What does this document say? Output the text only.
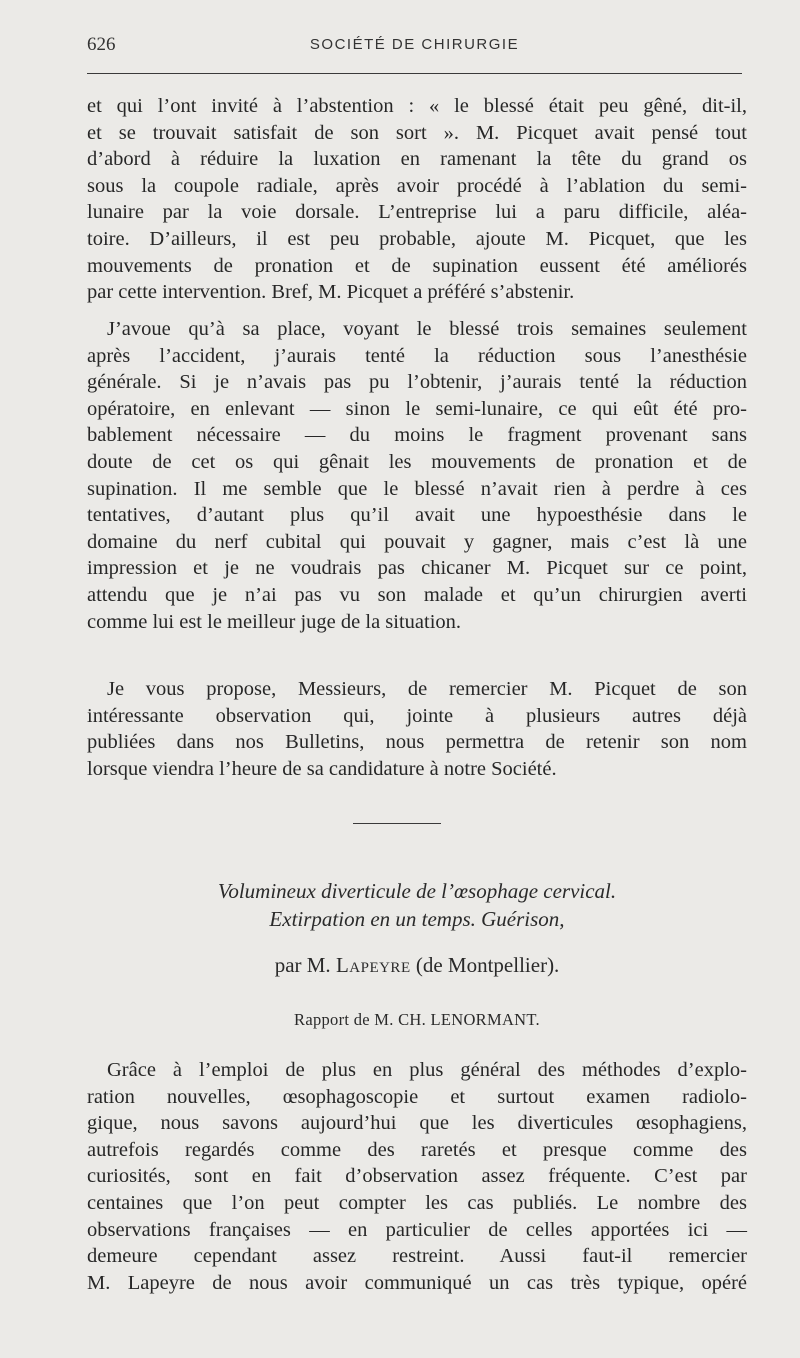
626	SOCIÉTÉ DE CHIRURGIE
et qui l’ont invité à l’abstention : « le blessé était peu gêné, dit-il,
et se trouvait satisfait de son sort ». M. Picquet avait pensé tout
d’abord à réduire la luxation en ramenant la tête du grand os
sous la coupole radiale, après avoir procédé à l’ablation du semi-
lunaire par la voie dorsale. L’entreprise lui a paru difficile, aléa-
toire. D’ailleurs, il est peu probable, ajoute M. Picquet, que les
mouvements de pronation et de supination eussent été améliorés
par cette intervention. Bref, M. Picquet a préféré s’abstenir.
J’avoue qu’à sa place, voyant le blessé trois semaines seulement
après l’accident, j’aurais tenté la réduction sous l’anesthésie
générale. Si je n’avais pas pu l’obtenir, j’aurais tenté la réduction
opératoire, en enlevant — sinon le semi-lunaire, ce qui eût été pro-
bablement nécessaire — du moins le fragment provenant sans
doute de cet os qui gênait les mouvements de pronation et de
supination. Il me semble que le blessé n’avait rien à perdre à ces
tentatives, d’autant plus qu’il avait une hypoesthésie dans le
domaine du nerf cubital qui pouvait y gagner, mais c’est là une
impression et je ne voudrais pas chicaner M. Picquet sur ce point,
attendu que je n’ai pas vu son malade et qu’un chirurgien averti
comme lui est le meilleur juge de la situation.
Je vous propose, Messieurs, de remercier M. Picquet de son
intéressante observation qui, jointe à plusieurs autres déjà
publiées dans nos Bulletins, nous permettra de retenir son nom
lorsque viendra l’heure de sa candidature à notre Société.
Volumineux diverticule de l’œsophage cervical.
Extirpation en un temps. Guérison,
par M. Lapeyre (de Montpellier).
Rapport de M. CH. LENORMANT.
Grâce à l’emploi de plus en plus général des méthodes d’explo-
ration nouvelles, œsophagoscopie et surtout examen radiolo-
gique, nous savons aujourd’hui que les diverticules œsophagiens,
autrefois regardés comme des raretés et presque comme des
curiosités, sont en fait d’observation assez fréquente. C’est par
centaines que l’on peut compter les cas publiés. Le nombre des
observations françaises — en particulier de celles apportées ici —
demeure cependant assez restreint. Aussi faut-il remercier
M. Lapeyre de nous avoir communiqué un cas très typique, opéré
